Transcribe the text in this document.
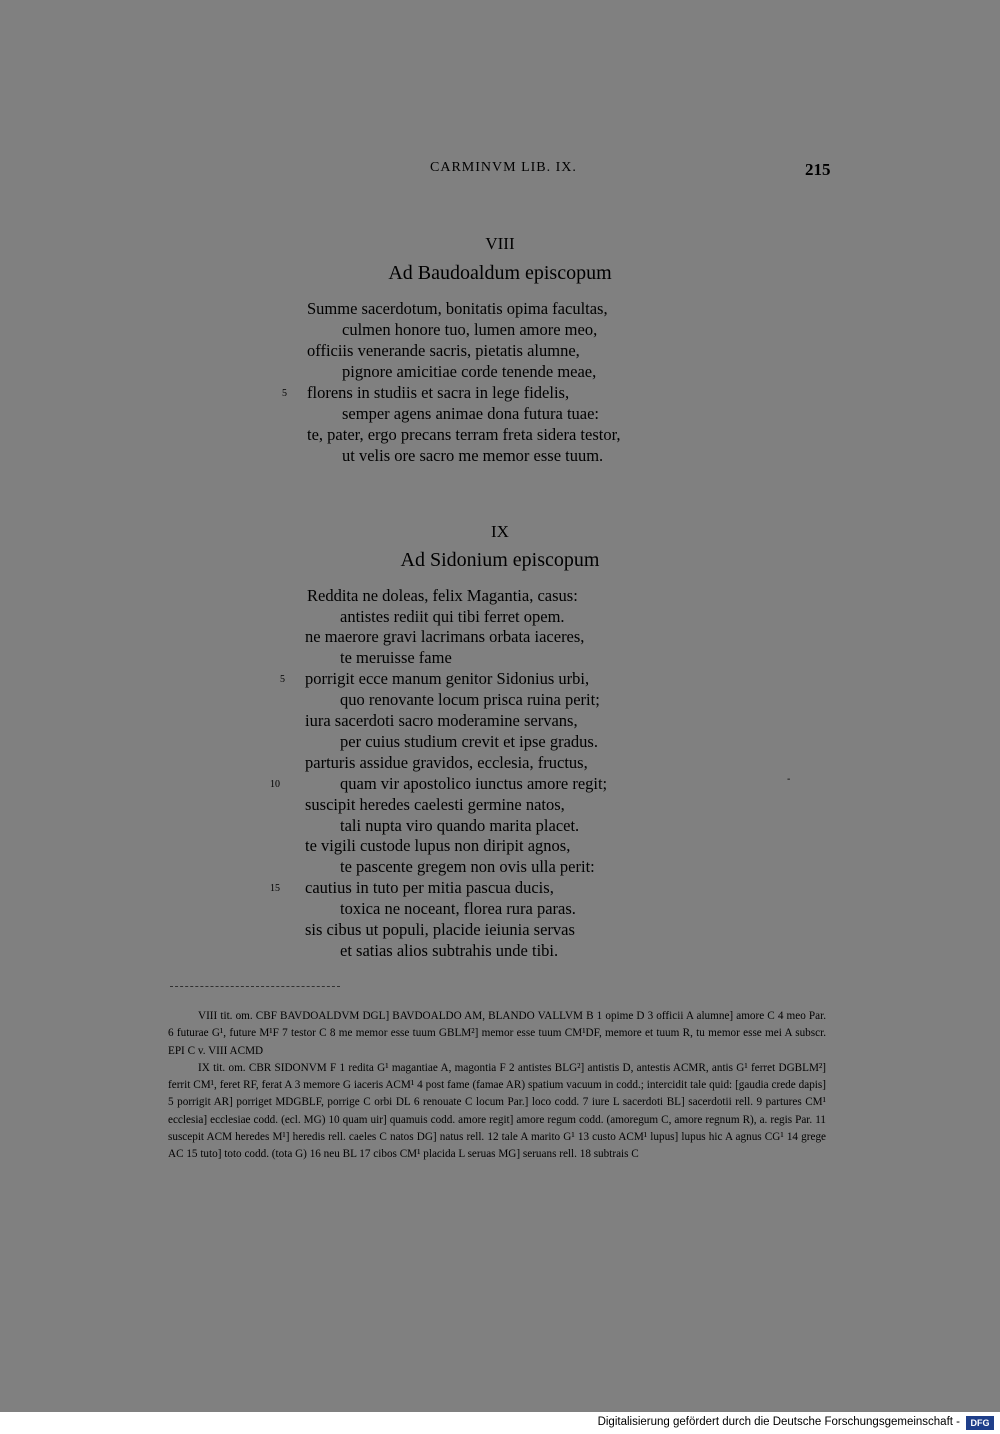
CARMINVM LIB. IX.	215
VIII
Ad Baudoaldum episcopum
Summe sacerdotum, bonitatis opima facultas,
culmen honore tuo, lumen amore meo,
officiis venerande sacris, pietatis alumne,
pignore amicitiae corde tenende meae,
5 florens in studiis et sacra in lege fidelis,
semper agens animae dona futura tuae:
te, pater, ergo precans terram freta sidera testor,
ut velis ore sacro me memor esse tuum.
IX
Ad Sidonium episcopum
Reddita ne doleas, felix Magantia, casus:
antistes rediit qui tibi ferret opem.
ne maerore gravi lacrimans orbata iaceres,
te meruisse fame
5 porrigit ecce manum genitor Sidonius urbi,
quo renovante locum prisca ruina perit;
iura sacerdoti sacro moderamine servans,
per cuius studium crevit et ipse gradus.
parturis assidue gravidos, ecclesia, fructus,
10	quam vir apostolico iunctus amore regit;
suscipit heredes caelesti germine natos,
tali nupta viro quando marita placet.
te vigili custode lupus non diripit agnos,
te pascente gregem non ovis ulla perit:
15 cautius in tuto per mitia pascua ducis,
toxica ne noceant, florea rura paras.
sis cibus ut populi, placide ieiunia servas
et satias alios subtrahis unde tibi.
-

VIII tit. om. CBF BAVDOALDVM DGL] BAVDOALDO AM, BLANDO VALLVM B 1 opime D 3 officii A alumne] amore C 4 meo Par. 6 futurae G¹, future M¹F 7 testor C 8 me memor esse tuum GBLM²] memor esse tuum CM¹DF, memore et tuum R, tu memor esse mei A subscr. EPI C v. VIII ACMD

IX tit. om. CBR SIDONVM F 1 redita G¹ magantiae A, magontia F 2 antistes BLG²] antistis D, antestis ACMR, antis G¹ ferret DGBLM²] ferrit CM¹, feret RF, ferat A 3 memore G iaceris ACM¹ 4 post fame (famae AR) spatium vacuum in codd.; intercidit tale quid: [gaudia crede dapis] 5 porrigit AR] porriget MDGBLF, porrige C orbi DL 6 renouate C locum Par.] loco codd. 7 iure L sacerdoti BL] sacerdotii rell. 9 partures CM¹ ecclesia] ecclesiae codd. (ecl. MG) 10 quam uir] quamuis codd. amore regit] amore regum codd. (amoregum C, amore regnum R), a. regis Par. 11 suscepit ACM heredes M¹] heredis rell. caeles C natos DG] natus rell. 12 tale A marito G¹ 13 custo ACM¹ lupus] lupus hic A agnus CG¹ 14 grege AC 15 tuto] toto codd. (tota G) 16 neu BL 17 cibos CM¹ placida L seruas MG] seruans rell. 18 subtrais C

Digitalisierung gefördert durch die Deutsche Forschungsgemeinschaft -	DFG
